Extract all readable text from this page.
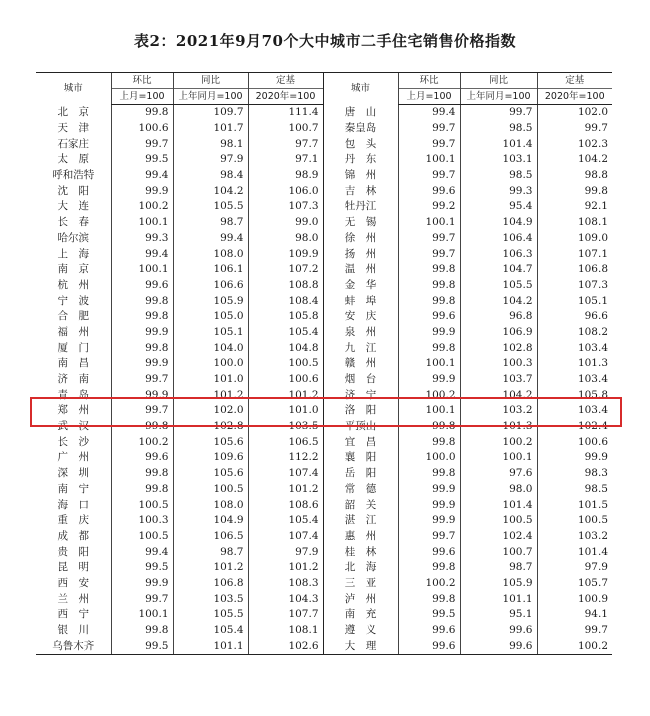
表2：2021年9月70个大中城市二手住宅销售价格指数
城市	环比	同比	定基	城市	环比	同比	定基
	上月=100	上年同月=100	2020年=100		上月=100	上年同月=100	2020年=100
北　京	99.8	109.7	111.4	唐　山	99.4	99.7	102.0
天　津	100.6	101.7	100.7	秦皇岛	99.7	98.5	99.7
石家庄	99.7	98.1	97.7	包　头	99.7	101.4	102.3
太　原	99.5	97.9	97.1	丹　东	100.1	103.1	104.2
呼和浩特	99.4	98.4	98.9	锦　州	99.7	98.5	98.8
沈　阳	99.9	104.2	106.0	吉　林	99.6	99.3	99.8
大　连	100.2	105.5	107.3	牡丹江	99.2	95.4	92.1
长　春	100.1	98.7	99.0	无　锡	100.1	104.9	108.1
哈尔滨	99.3	99.4	98.0	徐　州	99.7	106.4	109.0
上　海	99.4	108.0	109.9	扬　州	99.7	106.3	107.1
南　京	100.1	106.1	107.2	温　州	99.8	104.7	106.8
杭　州	99.6	106.6	108.8	金　华	99.8	105.5	107.3
宁　波	99.8	105.9	108.4	蚌　埠	99.8	104.2	105.1
合　肥	99.8	105.0	105.8	安　庆	99.6	96.8	96.6
福　州	99.9	105.1	105.4	泉　州	99.9	106.9	108.2
厦　门	99.8	104.0	104.8	九　江	99.8	102.8	103.4
南　昌	99.9	100.0	100.5	赣　州	100.1	100.3	101.3
济　南	99.7	101.0	100.6	烟　台	99.9	103.7	103.4
青　岛	99.9	101.2	101.2	济　宁	100.2	104.2	105.8
郑　州	99.7	102.0	101.0	洛　阳	100.1	103.2	103.4
武　汉	99.8	102.8	103.5	平顶山	99.8	101.3	102.4
长　沙	100.2	105.6	106.5	宜　昌	99.8	100.2	100.6
广　州	99.6	109.6	112.2	襄　阳	100.0	100.1	99.9
深　圳	99.8	105.6	107.4	岳　阳	99.8	97.6	98.3
南　宁	99.8	100.5	101.2	常　德	99.9	98.0	98.5
海　口	100.5	108.0	108.6	韶　关	99.9	101.4	101.5
重　庆	100.3	104.9	105.4	湛　江	99.9	100.5	100.5
成　都	100.5	106.5	107.4	惠　州	99.7	102.4	103.2
贵　阳	99.4	98.7	97.9	桂　林	99.6	100.7	101.4
昆　明	99.5	101.2	101.2	北　海	99.8	98.7	97.9
西　安	99.9	106.8	108.3	三　亚	100.2	105.9	105.7
兰　州	99.7	103.5	104.3	泸　州	99.8	101.1	100.9
西　宁	100.1	105.5	107.7	南　充	99.5	95.1	94.1
银　川	99.8	105.4	108.1	遵　义	99.6	99.6	99.7
乌鲁木齐	99.5	101.1	102.6	大　理	99.6	99.6	100.2
